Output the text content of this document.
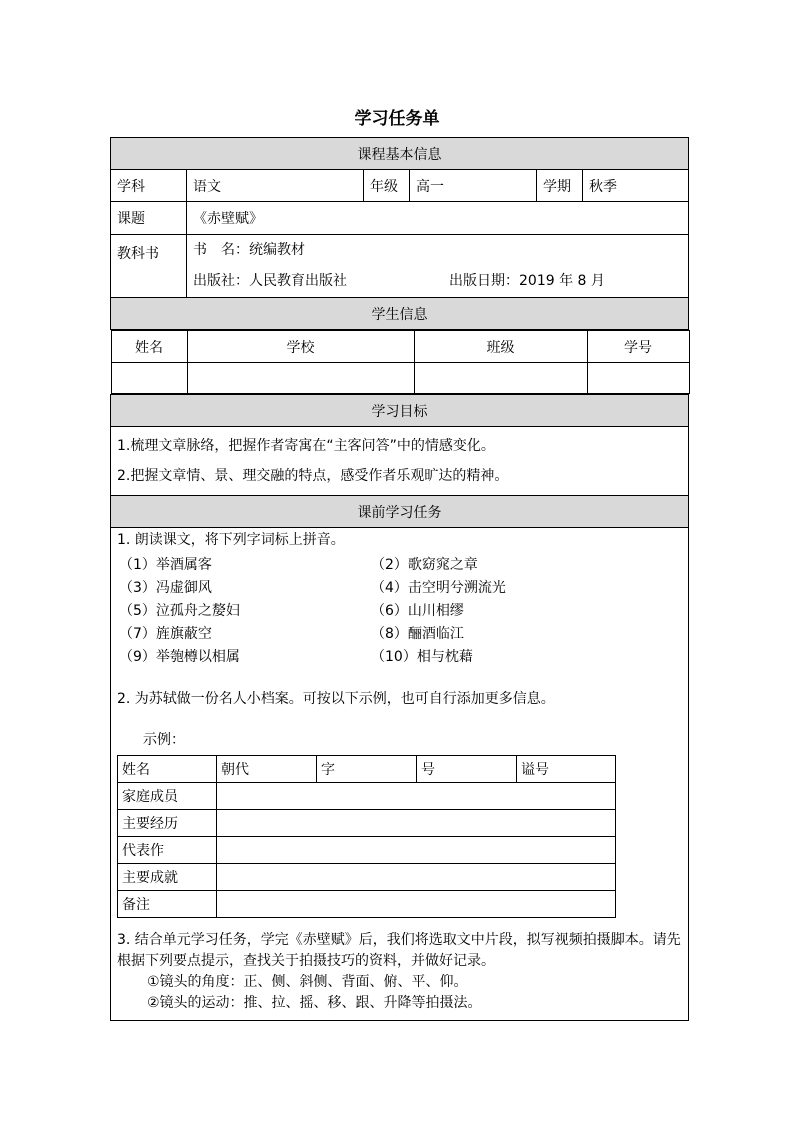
学习任务单
课程基本信息
学科	语文	年级	高一	学期	秋季
课题	《赤壁赋》
教科书	书　名：统编教材
出版社：人民教育出版社	出版日期：2019 年 8 月

学生信息

姓名	学校	班级	学号

学习目标

1.梳理文章脉络，把握作者寄寓在“主客问答”中的情感变化。
2.把握文章情、景、理交融的特点，感受作者乐观旷达的精神。

课前学习任务

1. 朗读课文，将下列字词标上拼音。

（1）举酒属客	（2）歌窈窕之章
（3）冯虚御风	（4）击空明兮溯流光
（5）泣孤舟之嫠妇	（6）山川相缪
（7）旌旗蔽空	（8）酾酒临江
（9）举匏樽以相属	（10）相与枕藉

2. 为苏轼做一份名人小档案。可按以下示例，也可自行添加更多信息。

示例：

姓名	朝代	字	号	谥号
家庭成员	
主要经历	
代表作	
主要成就	
备注	

3. 结合单元学习任务，学完《赤壁赋》后，我们将选取文中片段，拟写视频拍摄脚本。请先根据下列要点提示，查找关于拍摄技巧的资料，并做好记录。

①镜头的角度：正、侧、斜侧、背面、俯、平、仰。

②镜头的运动：推、拉、摇、移、跟、升降等拍摄法。
